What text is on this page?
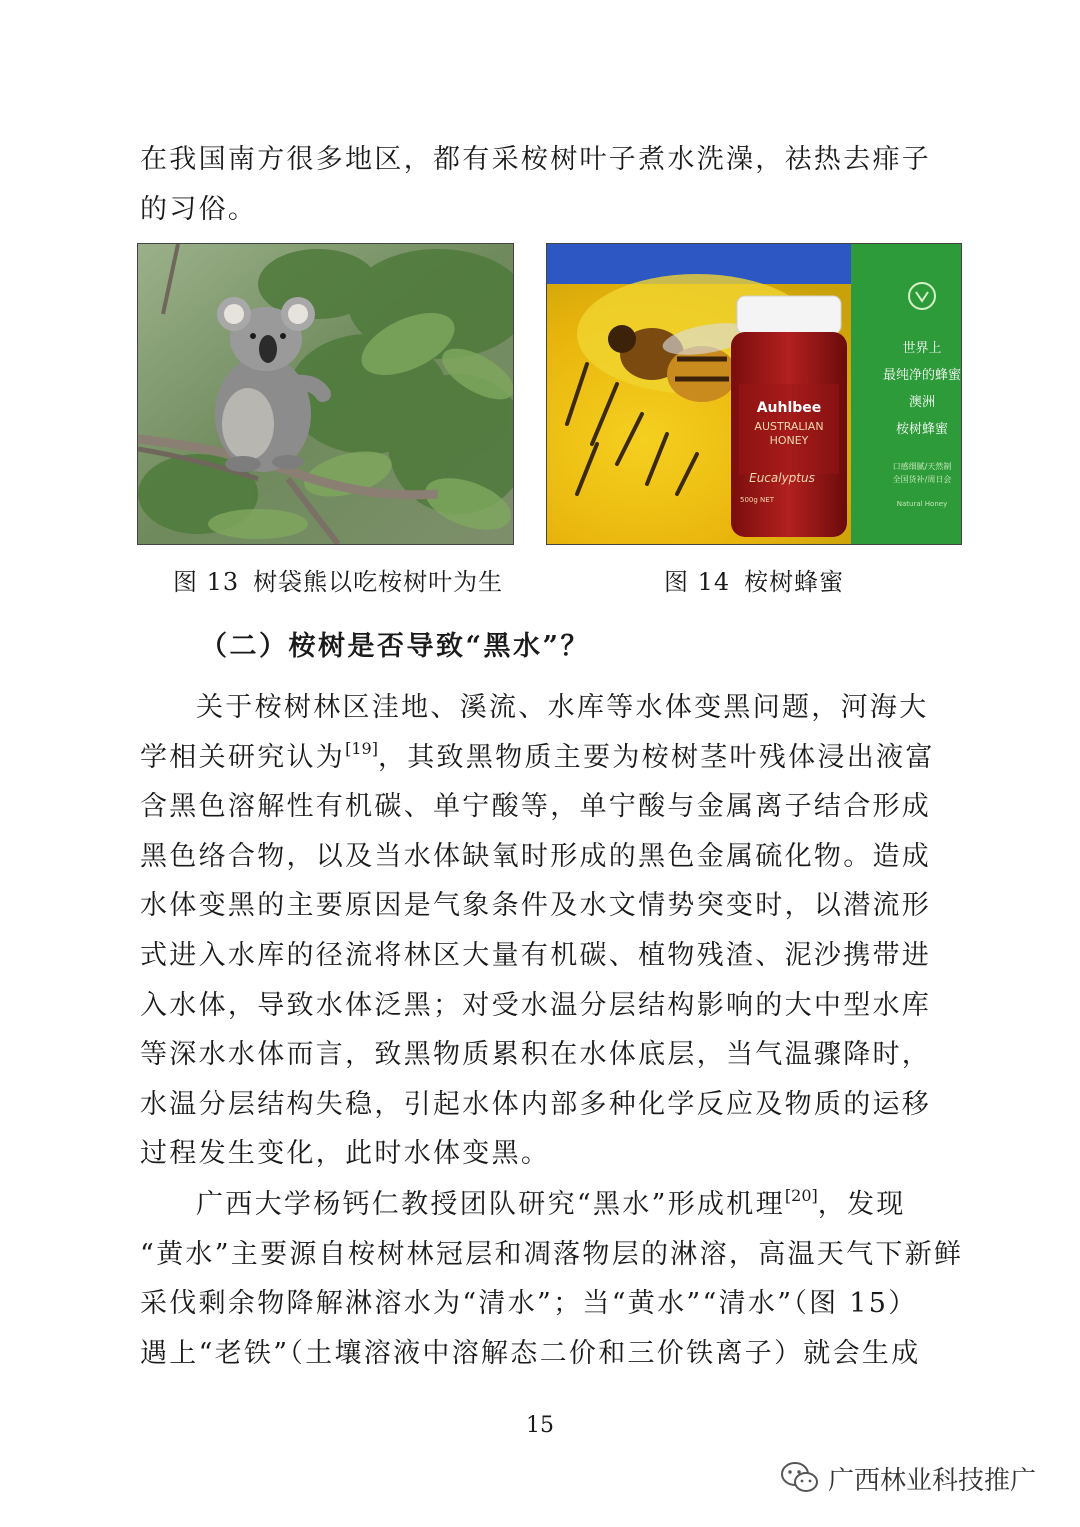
在我国南方很多地区，都有采桉树叶子煮水洗澡，祛热去痱子
的习俗。
Auhlbee
AUSTRALIAN
HONEY
Eucalyptus
500g NET
世界上
最纯净的蜂蜜
澳洲
桉树蜂蜜
口感细腻/天然制
全国货补/周日会
Natural Honey
图 13 树袋熊以吃桉树叶为生	图 14 桉树蜂蜜
（二）桉树是否导致“黑水”？
关于桉树林区洼地、溪流、水库等水体变黑问题，河海大
学相关研究认为[19]，其致黑物质主要为桉树茎叶残体浸出液富
含黑色溶解性有机碳、单宁酸等，单宁酸与金属离子结合形成
黑色络合物，以及当水体缺氧时形成的黑色金属硫化物。造成
水体变黑的主要原因是气象条件及水文情势突变时，以潜流形
式进入水库的径流将林区大量有机碳、植物残渣、泥沙携带进
入水体，导致水体泛黑；对受水温分层结构影响的大中型水库
等深水水体而言，致黑物质累积在水体底层，当气温骤降时，
水温分层结构失稳，引起水体内部多种化学反应及物质的运移
过程发生变化，此时水体变黑。
广西大学杨钙仁教授团队研究“黑水”形成机理[20]，发现
“黄水”主要源自桉树林冠层和凋落物层的淋溶，高温天气下新鲜
采伐剩余物降解淋溶水为“清水”；当“黄水”“清水”（图 15）
遇上“老铁”（土壤溶液中溶解态二价和三价铁离子）就会生成
15
广西林业科技推广
